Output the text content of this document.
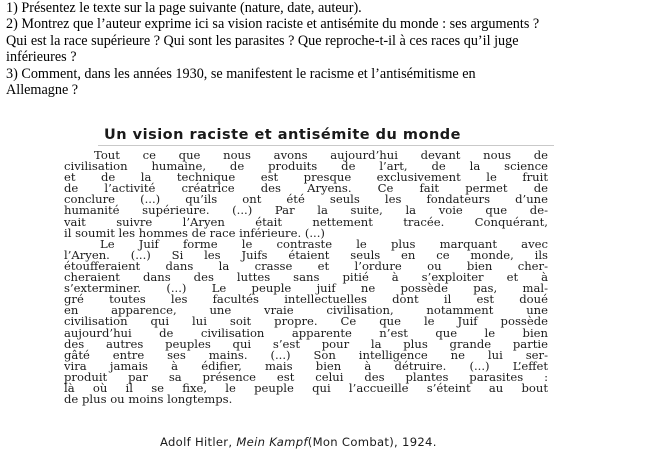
1) Présentez le texte sur la page suivante (nature, date, auteur).

2) Montrez que l’auteur exprime ici sa vision raciste et antisémite du monde : ses arguments ?

Qui est la race supérieure ? Qui sont les parasites ? Que reproche-t-il à ces races qu’il juge

inférieures ?

3) Comment, dans les années 1930, se manifestent le racisme et l’antisémitisme en

Allemagne ?

Un vision raciste et antisémite du monde
Tout ce que nous avons aujourd’hui devant nous de
civilisation humaine, de produits de l’art, de la science
et de la technique est presque exclusivement le fruit
de l’activité créatrice des Aryens. Ce fait permet de
conclure (...) qu’ils ont été seuls les fondateurs d’une
humanité supérieure. (...) Par la suite, la voie que de-
vait suivre l’Aryen était nettement tracée. Conquérant,
il soumit les hommes de race inférieure. (...)
Le Juif forme le contraste le plus marquant avec
l’Aryen. (...) Si les Juifs étaient seuls en ce monde, ils
étoufferaient dans la crasse et l’ordure ou bien cher-
cheraient dans des luttes sans pitié à s’exploiter et à
s’exterminer. (...) Le peuple juif ne possède pas, mal-
gré toutes les facultés intellectuelles dont il est doué
en apparence, une vraie civilisation, notamment une
civilisation qui lui soit propre. Ce que le Juif possède
aujourd’hui de civilisation apparente n’est que le bien
des autres peuples qui s’est pour la plus grande partie
gâté entre ses mains. (...) Son intelligence ne lui ser-
vira jamais à édifier, mais bien à détruire. (...) L’effet
produit par sa présence est celui des plantes parasites :
là où il se fixe, le peuple qui l’accueille s’éteint au bout
de plus ou moins longtemps.
Adolf Hitler, Mein Kampf(Mon Combat), 1924.
